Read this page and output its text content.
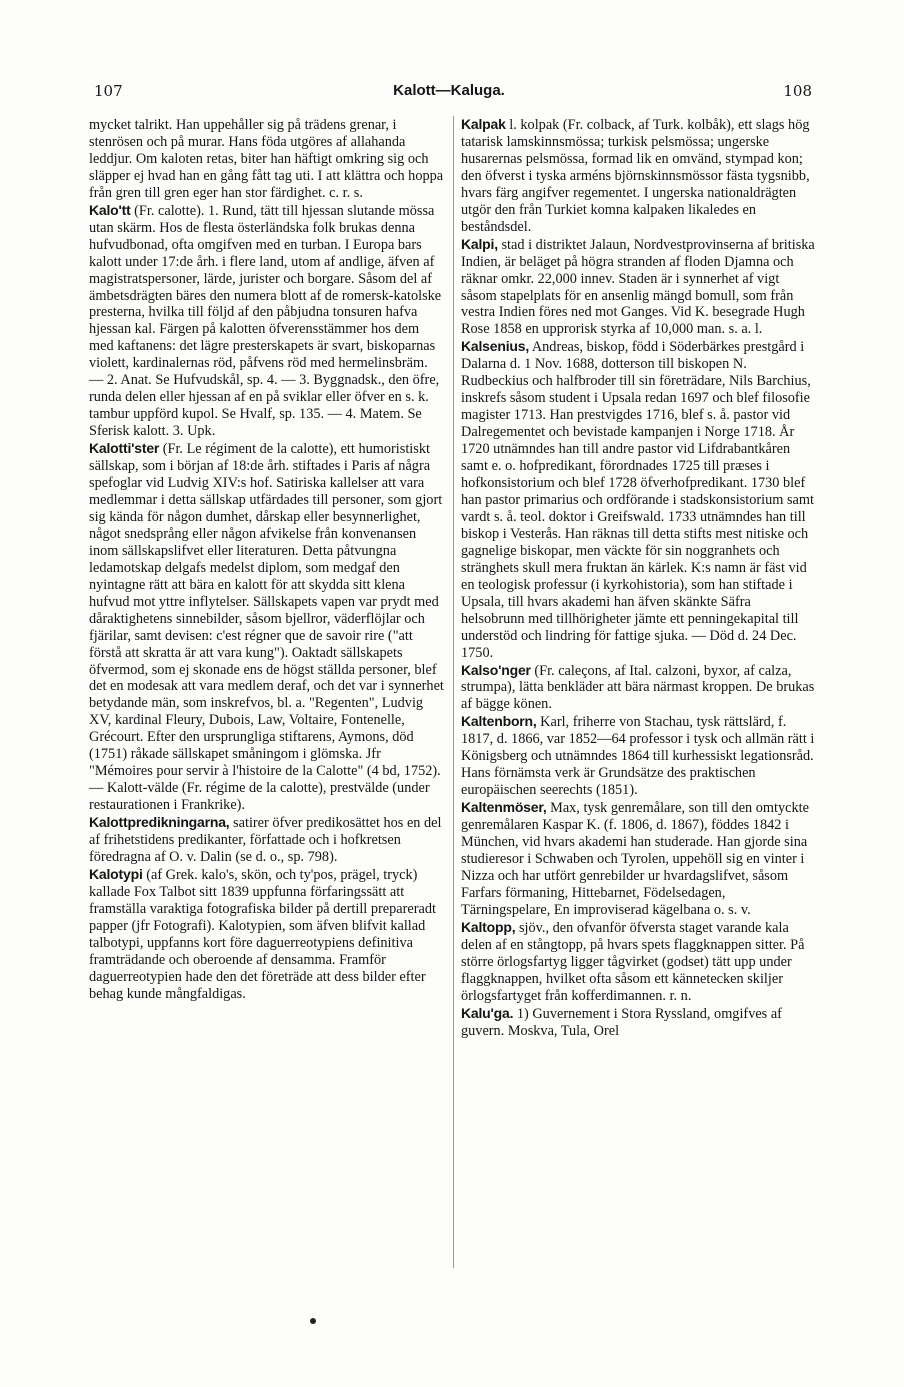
107	Kalott—Kaluga.	108

mycket talrikt. Han uppehåller sig på trädens grenar, i stenrösen och på murar. Hans föda utgöres af allahanda leddjur. Om kaloten retas, biter han häftigt omkring sig och släpper ej hvad han en gång fått tag uti. I att klättra och hoppa från gren till gren eger han stor färdighet. c. r. s.

Kalo'tt (Fr. calotte). 1. Rund, tätt till hjessan slutande mössa utan skärm. Hos de flesta österländska folk brukas denna hufvudbonad, ofta omgifven med en turban. I Europa bars kalott under 17:de årh. i flere land, utom af andlige, äfven af magistratspersoner, lärde, jurister och borgare. Såsom del af ämbetsdrägten bäres den numera blott af de romersk-katolske presterna, hvilka till följd af den påbjudna tonsuren hafva hjessan kal. Färgen på kalotten öfverensstämmer hos dem med kaftanens: det lägre presterskapets är svart, biskoparnas violett, kardinalernas röd, påfvens röd med hermelinsbräm. — 2. Anat. Se Hufvudskål, sp. 4. — 3. Byggnadsk., den öfre, runda delen eller hjessan af en på sviklar eller öfver en s. k. tambur uppförd kupol. Se Hvalf, sp. 135. — 4. Matem. Se Sferisk kalott. 3. Upk.

Kalotti'ster (Fr. Le régiment de la calotte), ett humoristiskt sällskap, som i början af 18:de årh. stiftades i Paris af några spefoglar vid Ludvig XIV:s hof. Satiriska kallelser att vara medlemmar i detta sällskap utfärdades till personer, som gjort sig kända för någon dumhet, dårskap eller besynnerlighet, något snedsprång eller någon afvikelse från konvenansen inom sällskapslifvet eller literaturen. Detta påtvungna ledamotskap delgafs medelst diplom, som medgaf den nyintagne rätt att bära en kalott för att skydda sitt klena hufvud mot yttre inflytelser. Sällskapets vapen var prydt med dåraktighetens sinnebilder, såsom bjellror, väderflöjlar och fjärilar, samt devisen: c'est régner que de savoir rire ("att förstå att skratta är att vara kung"). Oaktadt sällskapets öfvermod, som ej skonade ens de högst ställda personer, blef det en modesak att vara medlem deraf, och det var i synnerhet betydande män, som inskrefvos, bl. a. "Regenten", Ludvig XV, kardinal Fleury, Dubois, Law, Voltaire, Fontenelle, Grécourt. Efter den ursprungliga stiftarens, Aymons, död (1751) råkade sällskapet småningom i glömska. Jfr "Mémoires pour servir à l'histoire de la Calotte" (4 bd, 1752). — Kalott-välde (Fr. régime de la calotte), prestvälde (under restaurationen i Frankrike).

Kalottpredikningarna, satirer öfver predikosättet hos en del af frihetstidens predikanter, författade och i hofkretsen föredragna af O. v. Dalin (se d. o., sp. 798).

Kalotypi (af Grek. kalo's, skön, och ty'pos, prägel, tryck) kallade Fox Talbot sitt 1839 uppfunna förfaringssätt att framställa varaktiga fotografiska bilder på dertill prepareradt papper (jfr Fotografi). Kalotypien, som äfven blifvit kallad talbotypi, uppfanns kort före daguerreotypiens definitiva framträdande och oberoende af densamma. Framför daguerreotypien hade den det företräde att dess bilder efter behag kunde mångfaldigas.

Kalpak l. kolpak (Fr. colback, af Turk. kolbåk), ett slags hög tatarisk lamskinnsmössa; turkisk pelsmössa; ungerske husarernas pelsmössa, formad lik en omvänd, stympad kon; den öfverst i tyska arméns björnskinnsmössor fästa tygsnibb, hvars färg angifver regementet. I ungerska nationaldrägten utgör den från Turkiet komna kalpaken likaledes en beståndsdel.

Kalpi, stad i distriktet Jalaun, Nordvestprovinserna af britiska Indien, är beläget på högra stranden af floden Djamna och räknar omkr. 22,000 innev. Staden är i synnerhet af vigt såsom stapelplats för en ansenlig mängd bomull, som från vestra Indien föres ned mot Ganges. Vid K. besegrade Hugh Rose 1858 en upprorisk styrka af 10,000 man. s. a. l.

Kalsenius, Andreas, biskop, född i Söderbärkes prestgård i Dalarna d. 1 Nov. 1688, dotterson till biskopen N. Rudbeckius och halfbroder till sin företrädare, Nils Barchius, inskrefs såsom student i Upsala redan 1697 och blef filosofie magister 1713. Han prestvigdes 1716, blef s. å. pastor vid Dalregementet och bevistade kampanjen i Norge 1718. År 1720 utnämndes han till andre pastor vid Lifdrabantkåren samt e. o. hofpredikant, förordnades 1725 till præses i hofkonsistorium och blef 1728 öfverhofpredikant. 1730 blef han pastor primarius och ordförande i stadskonsistorium samt vardt s. å. teol. doktor i Greifswald. 1733 utnämndes han till biskop i Vesterås. Han räknas till detta stifts mest nitiske och gagnelige biskopar, men väckte för sin noggranhets och stränghets skull mera fruktan än kärlek. K:s namn är fäst vid en teologisk professur (i kyrkohistoria), som han stiftade i Upsala, till hvars akademi han äfven skänkte Säfra helsobrunn med tillhörigheter jämte ett penningekapital till understöd och lindring för fattige sjuka. — Död d. 24 Dec. 1750.

Kalso'nger (Fr. caleçons, af Ital. calzoni, byxor, af calza, strumpa), lätta benkläder att bära närmast kroppen. De brukas af bägge könen.

Kaltenborn, Karl, friherre von Stachau, tysk rättslärd, f. 1817, d. 1866, var 1852—64 professor i tysk och allmän rätt i Königsberg och utnämndes 1864 till kurhessiskt legationsråd. Hans förnämsta verk är Grundsätze des praktischen europäischen seerechts (1851).

Kaltenmöser, Max, tysk genremålare, son till den omtyckte genremålaren Kaspar K. (f. 1806, d. 1867), föddes 1842 i München, vid hvars akademi han studerade. Han gjorde sina studieresor i Schwaben och Tyrolen, uppehöll sig en vinter i Nizza och har utfört genrebilder ur hvardagslifvet, såsom Farfars förmaning, Hittebarnet, Födelsedagen, Tärningspelare, En improviserad kägelbana o. s. v.

Kaltopp, sjöv., den ofvanför öfversta staget varande kala delen af en stångtopp, på hvars spets flaggknappen sitter. På större örlogsfartyg ligger tågvirket (godset) tätt upp under flaggknappen, hvilket ofta såsom ett kännetecken skiljer örlogsfartyget från kofferdimannen. r. n.

Kalu'ga. 1) Guvernement i Stora Ryssland, omgifves af guvern. Moskva, Tula, Orel
